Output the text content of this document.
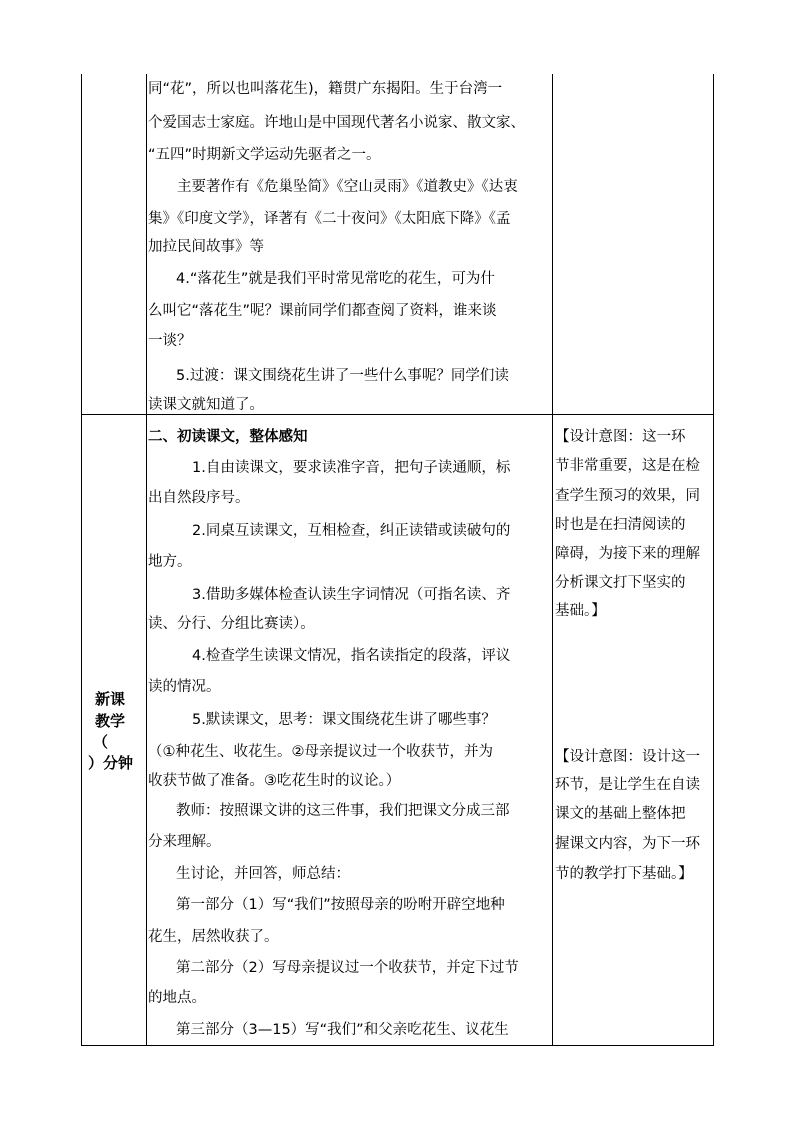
同“花”，所以也叫落花生)，籍贯广东揭阳。生于台湾一
个爱国志士家庭。许地山是中国现代著名小说家、散文家、
“五四”时期新文学运动先驱者之一。
主要著作有《危巢坠简》《空山灵雨》《道教史》《达衷
集》《印度文学》，译著有《二十夜问》《太阳底下降》《孟
加拉民间故事》等
4.“落花生”就是我们平时常见常吃的花生，可为什
么叫它“落花生”呢？课前同学们都查阅了资料，谁来谈
一谈？
5.过渡：课文围绕花生讲了一些什么事呢？同学们读
读课文就知道了。
新课
教学
（
）分钟
二、初读课文，整体感知
1.自由读课文，要求读准字音，把句子读通顺，标
出自然段序号。
2.同桌互读课文，互相检查，纠正读错或读破句的
地方。
3.借助多媒体检查认读生字词情况（可指名读、齐
读、分行、分组比赛读）。
4.检查学生读课文情况，指名读指定的段落，评议
读的情况。
5.默读课文，思考：课文围绕花生讲了哪些事？
（①种花生、收花生。②母亲提议过一个收获节，并为
收获节做了准备。③吃花生时的议论。）
教师：按照课文讲的这三件事，我们把课文分成三部
分来理解。
生讨论，并回答，师总结：
第一部分（1）写“我们”按照母亲的吩咐开辟空地种
花生，居然收获了。
第二部分（2）写母亲提议过一个收获节，并定下过节
的地点。
第三部分（3—15）写“我们”和父亲吃花生、议花生
【设计意图：这一环
节非常重要，这是在检
查学生预习的效果，同
时也是在扫清阅读的
障碍，为接下来的理解
分析课文打下坚实的
基础。】
【设计意图：设计这一
环节，是让学生在自读
课文的基础上整体把
握课文内容，为下一环
节的教学打下基础。】
